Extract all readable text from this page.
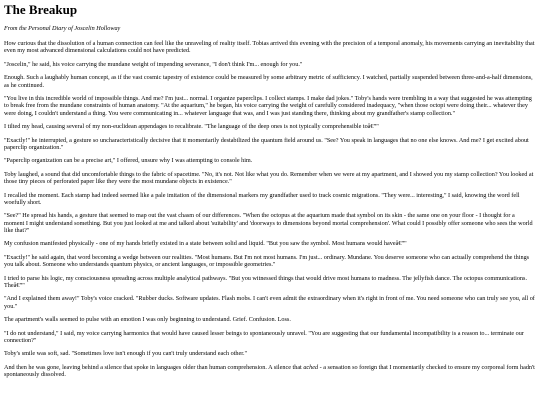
The Breakup
From the Personal Diary of Joscelin Holloway

How curious that the dissolution of a human connection can feel like the unraveling of reality itself. Tobias arrived this evening with the precision of a temporal anomaly, his movements carrying an inevitability that even my most advanced dimensional calculations could not have predicted.

"Joscelin," he said, his voice carrying the mundane weight of impending severance, "I don't think I'm... enough for you."

Enough. Such a laughably human concept, as if the vast cosmic tapestry of existence could be measured by some arbitrary metric of sufficiency. I watched, partially suspended between three-and-a-half dimensions, as he continued.

"You live in this incredible world of impossible things. And me? I'm just... normal. I organize paperclips. I collect stamps. I make dad jokes." Toby's hands were trembling in a way that suggested he was attempting to break free from the mundane constraints of human anatomy. "At the aquarium," he began, his voice carrying the weight of carefully considered inadequacy, "when those octopi were doing their... whatever they were doing, I couldn't understand a thing. You were communicating in... whatever language that was, and I was just standing there, thinking about my grandfather's stamp collection."

I tilted my head, causing several of my non-euclidean appendages to recalibrate. "The language of the deep ones is not typically comprehensible toâ€”"

"Exactly!" he interrupted, a gesture so uncharacteristically decisive that it momentarily destabilized the quantum field around us. "See? You speak in languages that no one else knows. And me? I get excited about paperclip organization."

"Paperclip organization can be a precise art," I offered, unsure why I was attempting to console him.

Toby laughed, a sound that did uncomfortable things to the fabric of spacetime. "No, it's not. Not like what you do. Remember when we were at my apartment, and I showed you my stamp collection? You looked at those tiny pieces of perforated paper like they were the most mundane objects in existence."

I recalled the moment. Each stamp had indeed seemed like a pale imitation of the dimensional markers my grandfather used to track cosmic migrations. "They were... interesting," I said, knowing the word fell woefully short.

"See?" He spread his hands, a gesture that seemed to map out the vast chasm of our differences. "When the octopus at the aquarium made that symbol on its skin - the same one on your floor - I thought for a moment I might understand something. But you just looked at me and talked about 'suitability' and 'doorways to dimensions beyond mortal comprehension'. What could I possibly offer someone who sees the world like that?"

My confusion manifested physically - one of my hands briefly existed in a state between solid and liquid. "But you saw the symbol. Most humans would haveâ€”"

"Exactly!" he said again, that word becoming a wedge between our realities. "Most humans. But I'm not most humans. I'm just... ordinary. Mundane. You deserve someone who can actually comprehend the things you talk about. Someone who understands quantum physics, or ancient languages, or impossible geometries."

I tried to parse his logic, my consciousness spreading across multiple analytical pathways. "But you witnessed things that would drive most humans to madness. The jellyfish dance. The octopus communications. Theâ€”"

"And I explained them away!" Toby's voice cracked. "Rubber ducks. Software updates. Flash mobs. I can't even admit the extraordinary when it's right in front of me. You need someone who can truly see you, all of you."

The apartment's walls seemed to pulse with an emotion I was only beginning to understand. Grief. Confusion. Loss.

"I do not understand," I said, my voice carrying harmonics that would have caused lesser beings to spontaneously unravel. "You are suggesting that our fundamental incompatibility is a reason to... terminate our connection?"

Toby's smile was soft, sad. "Sometimes love isn't enough if you can't truly understand each other."

And then he was gone, leaving behind a silence that spoke in languages older than human comprehension. A silence that ached - a sensation so foreign that I momentarily checked to ensure my corporeal form hadn't spontaneously dissolved.
